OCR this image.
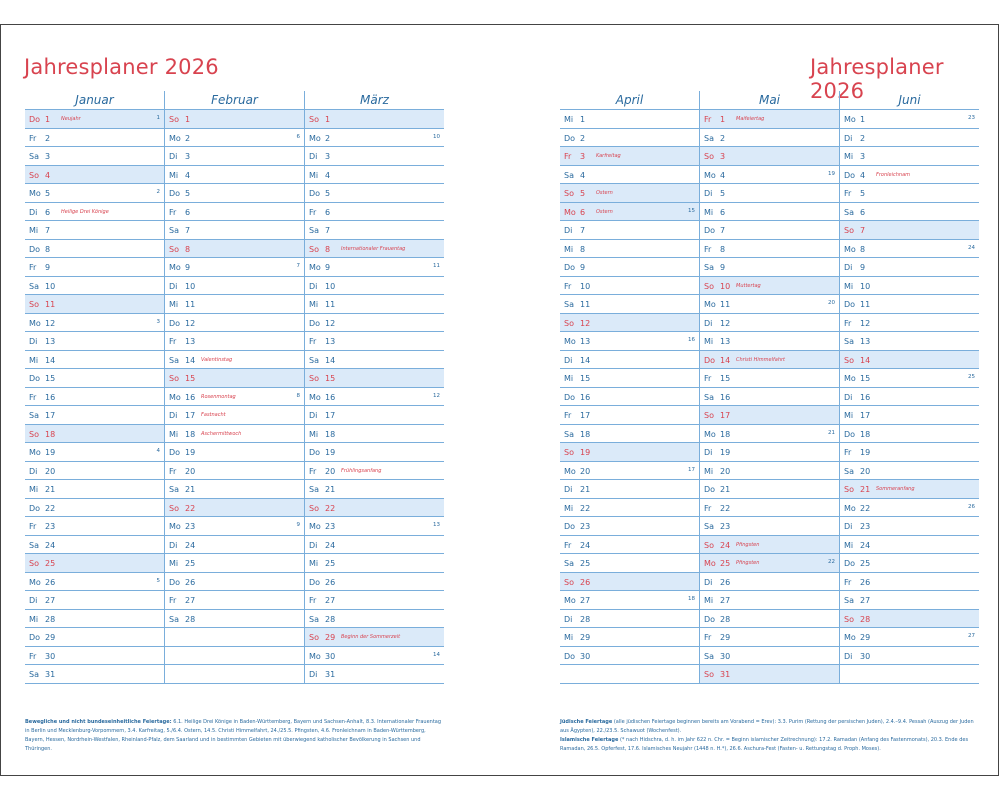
Jahresplaner 2026	Jahresplaner 2026
Januar
Do 1 Neujahr	1
Fr	2
Sa 3
So 4
Mo 5	2
Di 6 Heilige Drei Könige
Mi 7
Do 8
Fr	9
Sa 10
So 11
Mo 12	3
Di 13
Mi 14
Do 15
Fr	16
Sa 17
So 18
Mo 19	4
Di 20
Mi 21
Do 22
Fr	23
Sa 24
So 25
Mo 26	5
Di 27
Mi 28
Do 29
Fr	30
Sa 31
Februar
So 1
Mo 2	6
Di 3
Mi 4
Do 5
Fr	6
Sa 7
So 8
Mo 9	7
Di 10
Mi 11
Do 12
Fr	13
Sa 14 Valentinstag
So 15
Mo 16 Rosenmontag	8
Di 17 Fastnacht
Mi 18 Aschermittwoch
Do 19
Fr	20
Sa 21
So 22
Mo 23	9
Di 24
Mi 25
Do 26
Fr	27
Sa 28
März
So 1
Mo 2	10
Di 3
Mi 4
Do 5
Fr	6
Sa 7
So 8 Internationaler Frauentag
Mo 9	11
Di 10
Mi 11
Do 12
Fr	13
Sa 14
So 15
Mo 16	12
Di 17
Mi 18
Do 19
Fr	20 Frühlingsanfang
Sa 21
So 22
Mo 23	13
Di 24
Mi 25
Do 26
Fr	27
Sa 28
So 29 Beginn der Sommerzeit
Mo 30	14
Di 31
April
Mi 1
Do 2
Fr	3 Karfreitag
Sa 4
So 5 Ostern
Mo 6 Ostern	15
Di 7
Mi 8
Do 9
Fr	10
Sa 11
So 12
Mo 13	16
Di 14
Mi 15
Do 16
Fr	17
Sa 18
So 19
Mo 20	17
Di 21
Mi 22
Do 23
Fr	24
Sa 25
So 26
Mo 27	18
Di 28
Mi 29
Do 30
Mai
Fr	1 Maifeiertag
Sa 2
So 3
Mo 4	19
Di 5
Mi 6
Do 7
Fr	8
Sa 9
So 10 Muttertag
Mo 11	20
Di 12
Mi 13
Do 14 Christi Himmelfahrt
Fr	15
Sa 16
So 17
Mo 18	21
Di 19
Mi 20
Do 21
Fr	22
Sa 23
So 24 Pfingsten
Mo 25 Pfingsten	22
Di 26
Mi 27
Do 28
Fr	29
Sa 30
So 31
Juni
Mo 1	23
Di 2
Mi 3
Do 4 Fronleichnam
Fr	5
Sa 6
So 7
Mo 8	24
Di 9
Mi 10
Do 11
Fr	12
Sa 13
So 14
Mo 15	25
Di 16
Mi 17
Do 18
Fr	19
Sa 20
So 21 Sommeranfang
Mo 22	26
Di 23
Mi 24
Do 25
Fr	26
Sa 27
So 28
Mo 29	27
Di 30
Bewegliche und nicht bundeseinheitliche Feiertage: 6.1. Heilige Drei Könige in Baden-Württemberg, Bayern und Sachsen-Anhalt, 8.3. Internationaler Frauentag in Berlin und Mecklenburg-Vorpommern, 3.4. Karfreitag, 5./6.4. Ostern, 14.5. Christi Himmelfahrt, 24./25.5. Pfingsten, 4.6. Fronleichnam in Baden-Württemberg, Bayern, Hessen, Nordrhein-Westfalen, Rheinland-Pfalz, dem Saarland und in bestimmten Gebieten mit überwiegend katholischer Bevölkerung in Sachsen und Thüringen.
Jüdische Feiertage (alle jüdischen Feiertage beginnen bereits am Vorabend = Erev): 3.3. Purim (Rettung der persischen Juden), 2.4.–9.4. Pessah (Auszug der Juden aus Ägypten), 22./23.5. Schawuot (Wochenfest).
Islamische Feiertage (* nach Hidschra, d. h. im Jahr 622 n. Chr. = Beginn islamischer Zeitrechnung): 17.2. Ramadan (Anfang des Fastenmonats), 20.3. Ende des Ramadan, 26.5. Opferfest, 17.6. Islamisches Neujahr (1448 n. H.*), 26.6. Aschura-Fest (Fasten- u. Rettungstag d. Proph. Moses).
